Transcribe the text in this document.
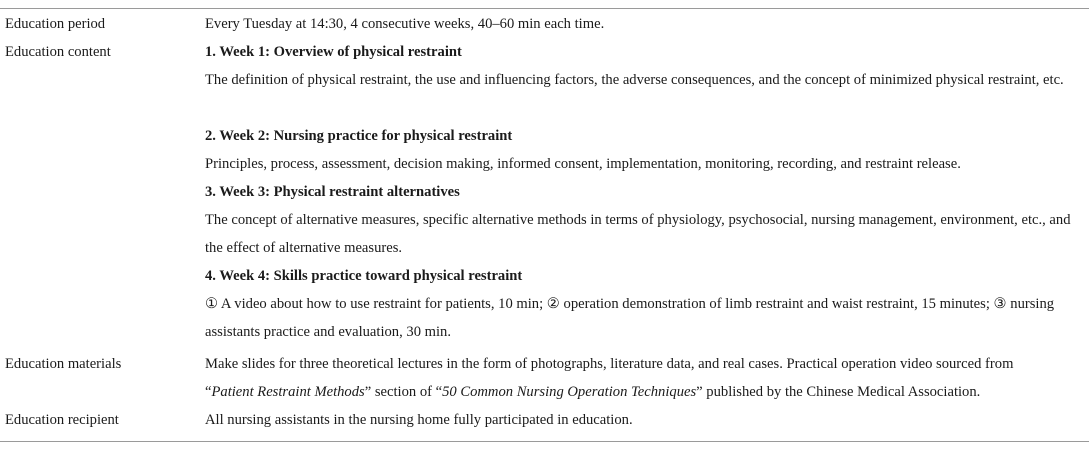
Education period	Every Tuesday at 14:30, 4 consecutive weeks, 40–60 min each time.
Education content	1. Week 1: Overview of physical restraint
The definition of physical restraint, the use and influencing factors, the adverse consequences, and the concept of minimized physical restraint, etc.
2. Week 2: Nursing practice for physical restraint
Principles, process, assessment, decision making, informed consent, implementation, monitoring, recording, and restraint release.
3. Week 3: Physical restraint alternatives
The concept of alternative measures, specific alternative methods in terms of physiology, psychosocial, nursing management, environment, etc., and the effect of alternative measures.
4. Week 4: Skills practice toward physical restraint
① A video about how to use restraint for patients, 10 min; ② operation demonstration of limb restraint and waist restraint, 15 minutes; ③ nursing assistants practice and evaluation, 30 min.
Education materials	Make slides for three theoretical lectures in the form of photographs, literature data, and real cases. Practical operation video sourced from
“Patient Restraint Methods” section of “50 Common Nursing Operation Techniques” published by the Chinese Medical Association.
Education recipient	All nursing assistants in the nursing home fully participated in education.
